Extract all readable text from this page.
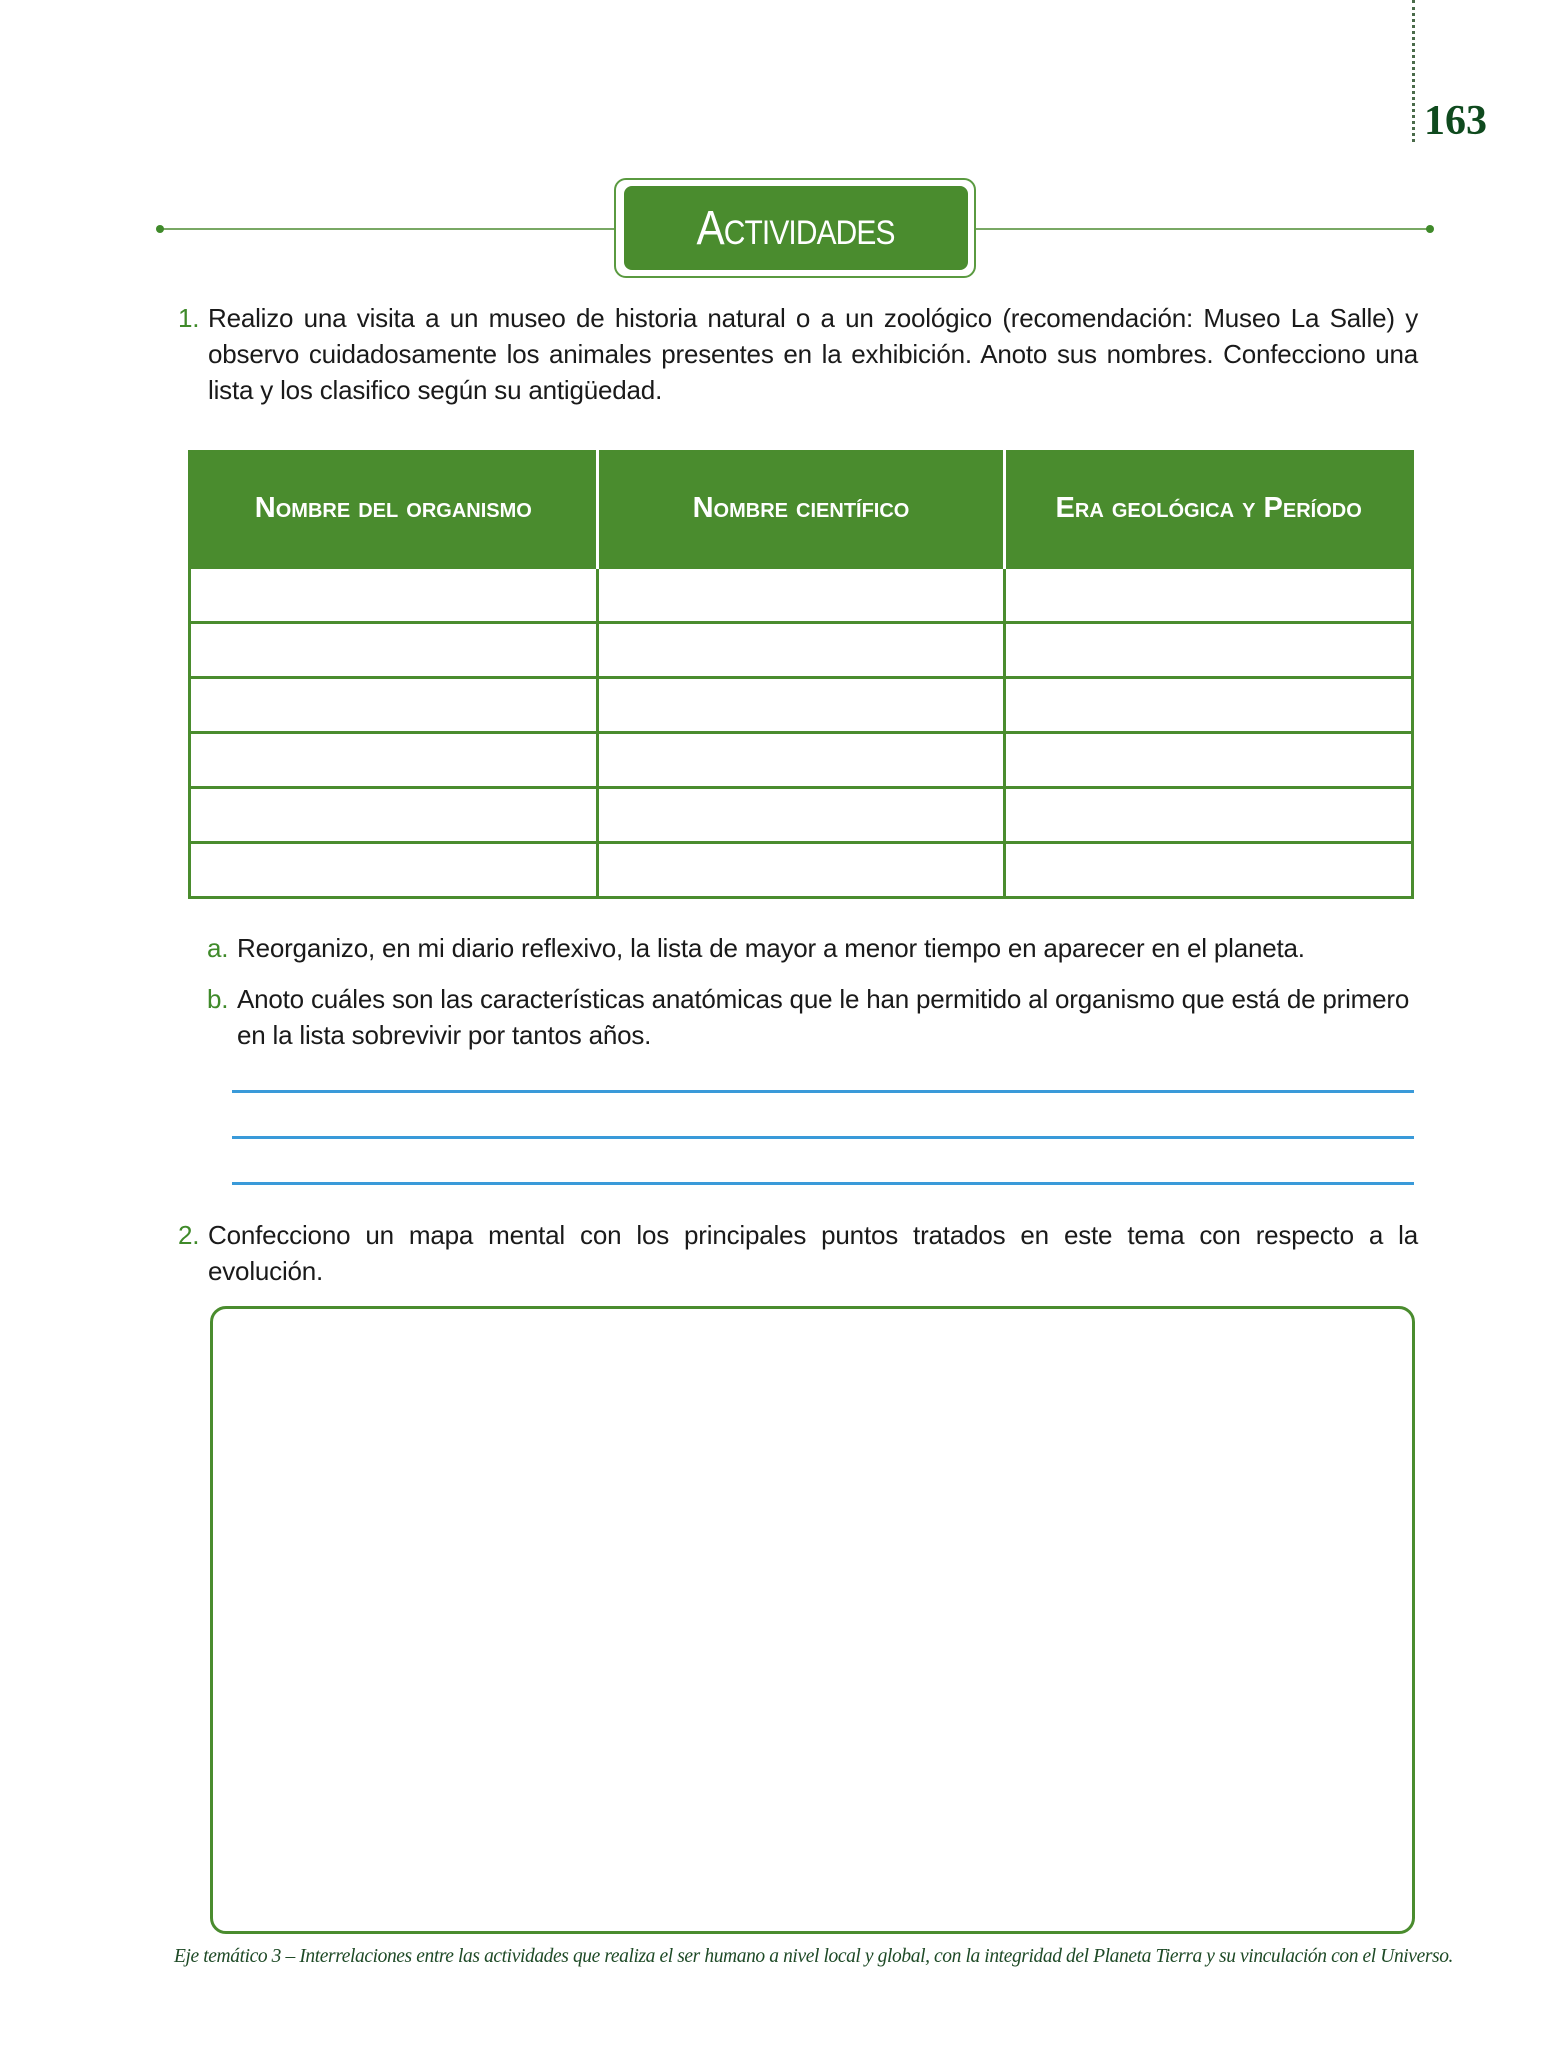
163
Actividades
1. Realizo una visita a un museo de historia natural o a un zoológico (recomendación: Museo La Salle) y observo cuidadosamente los animales presentes en la exhibición. Anoto sus nombres. Confecciono una lista y los clasifico según su antigüedad.
Nombre del organismo	Nombre científico	Era geológica y Período

a. Reorganizo, en mi diario reflexivo, la lista de mayor a menor tiempo en aparecer en el planeta.
b. Anoto cuáles son las características anatómicas que le han permitido al organismo que está de primero en la lista sobrevivir por tantos años.
2. Confecciono un mapa mental con los principales puntos tratados en este tema con respecto a la evolución.
Eje temático 3 – Interrelaciones entre las actividades que realiza el ser humano a nivel local y global, con la integridad del Planeta Tierra y su vinculación con el Universo.
